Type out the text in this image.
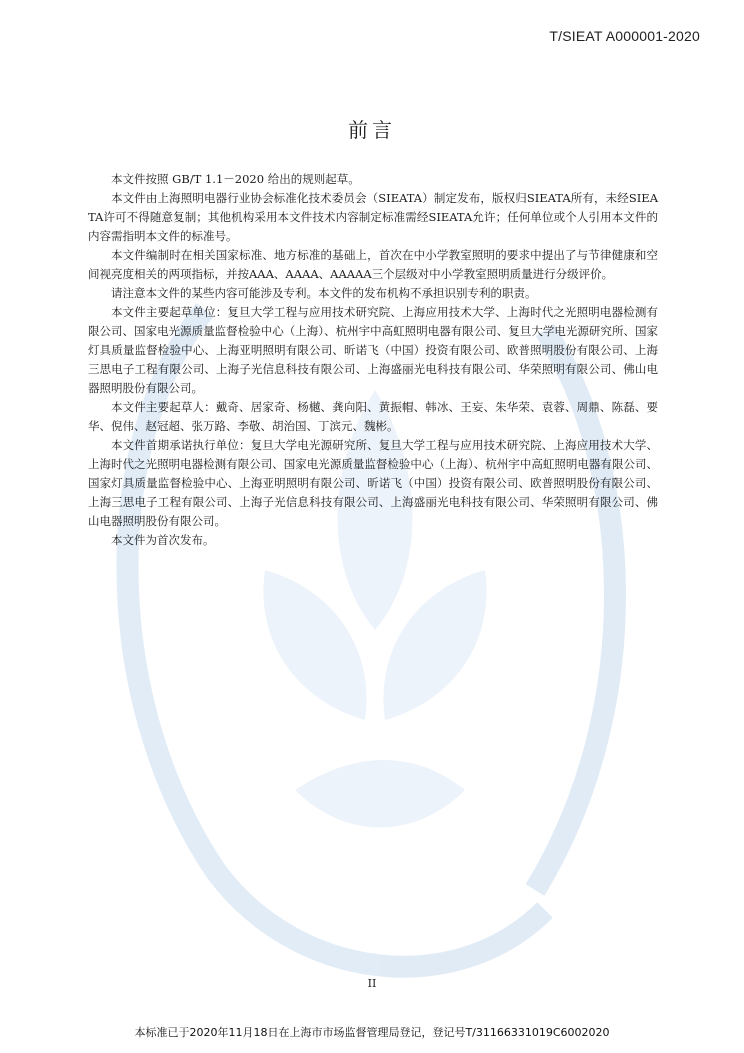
T/SIEAT A000001-2020
前言

本文件按照 GB/T 1.1－2020 给出的规则起草。

本文件由上海照明电器行业协会标准化技术委员会（SIEATA）制定发布，版权归SIEATA所有，未经SIEATA许可不得随意复制；其他机构采用本文件技术内容制定标准需经SIEATA允许；任何单位或个人引用本文件的内容需指明本文件的标准号。

本文件编制时在相关国家标准、地方标准的基础上，首次在中小学教室照明的要求中提出了与节律健康和空间视亮度相关的两项指标，并按AAA、AAAA、AAAAA三个层级对中小学教室照明质量进行分级评价。

请注意本文件的某些内容可能涉及专利。本文件的发布机构不承担识别专利的职责。

本文件主要起草单位：复旦大学工程与应用技术研究院、上海应用技术大学、上海时代之光照明电器检测有限公司、国家电光源质量监督检验中心（上海）、杭州宇中高虹照明电器有限公司、复旦大学电光源研究所、国家灯具质量监督检验中心、上海亚明照明有限公司、昕诺飞（中国）投资有限公司、欧普照明股份有限公司、上海三思电子工程有限公司、上海子光信息科技有限公司、上海盛丽光电科技有限公司、华荣照明有限公司、佛山电器照明股份有限公司。

本文件主要起草人：戴奇、居家奇、杨樾、龚向阳、黄振帽、韩冰、王妄、朱华荣、袁蓉、周鼎、陈磊、要华、倪伟、赵冠超、张万路、李敬、胡治国、丁滨元、魏彬。

本文件首期承诺执行单位：复旦大学电光源研究所、复旦大学工程与应用技术研究院、上海应用技术大学、上海时代之光照明电器检测有限公司、国家电光源质量监督检验中心（上海）、杭州宇中高虹照明电器有限公司、国家灯具质量监督检验中心、上海亚明照明有限公司、昕诺飞（中国）投资有限公司、欧普照明股份有限公司、上海三思电子工程有限公司、上海子光信息科技有限公司、上海盛丽光电科技有限公司、华荣照明有限公司、佛山电器照明股份有限公司。

本文件为首次发布。

II
本标准已于2020年11月18日在上海市市场监督管理局登记，登记号T/31166331019C6002020
